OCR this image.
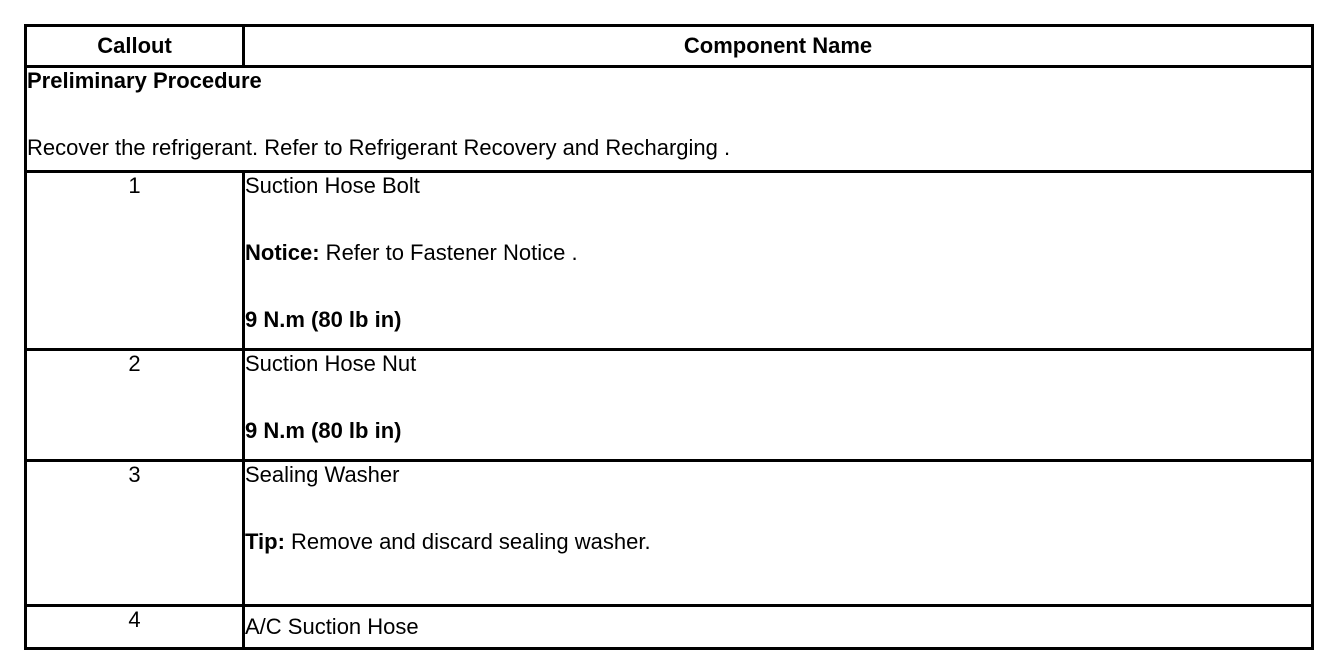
Callout	Component Name

Preliminary Procedure
Recover the refrigerant. Refer to Refrigerant Recovery and Recharging .	

1	Suction Hose Bolt
Notice: Refer to Fastener Notice .
9 N.m (80 lb in)

2	Suction Hose Nut
9 N.m (80 lb in)

3	Sealing Washer
Tip: Remove and discard sealing washer.

4	A/C Suction Hose
